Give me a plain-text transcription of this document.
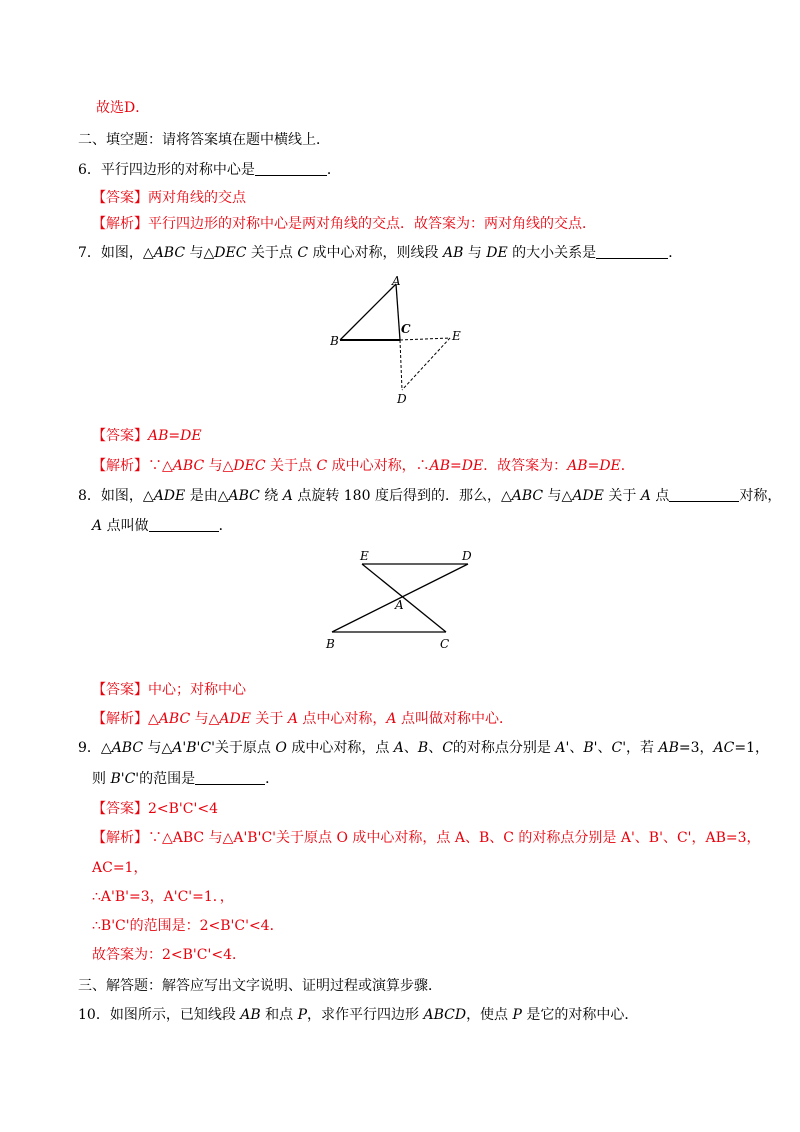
故选D．
二、填空题：请将答案填在题中横线上．
6．平行四边形的对称中心是	．
【答案】两对角线的交点
【解析】平行四边形的对称中心是两对角线的交点．故答案为：两对角线的交点．
7．如图，△ABC 与△DEC 关于点 C 成中心对称，则线段 AB 与 DE 的大小关系是	．
A
B
C	E
D
【答案】AB=DE
【解析】∵△ABC 与△DEC 关于点 C 成中心对称，∴AB=DE．故答案为：AB=DE．
8．如图，△ADE 是由△ABC 绕 A 点旋转 180 度后得到的．那么，△ABC 与△ADE 关于 A 点	对称，
A 点叫做	．
E	D
A
B	C
【答案】中心；对称中心
【解析】△ABC 与△ADE 关于 A 点中心对称，A 点叫做对称中心．
9．△ABC 与△A'B'C'关于原点 O 成中心对称，点 A、B、C的对称点分别是 A'、B'、C'，若 AB=3，AC=1，
则 B'C'的范围是	．
【答案】2<B'C'<4
【解析】∵△ABC 与△A'B'C'关于原点 O 成中心对称，点 A、B、C 的对称点分别是 A'、B'、C'，AB=3，
AC=1，
∴A'B'=3，A'C'=1．，
∴B'C'的范围是：2<B'C'<4．
故答案为：2<B'C'<4．
三、解答题：解答应写出文字说明、证明过程或演算步骤．
10．如图所示，已知线段 AB 和点 P，求作平行四边形 ABCD，使点 P 是它的对称中心．
